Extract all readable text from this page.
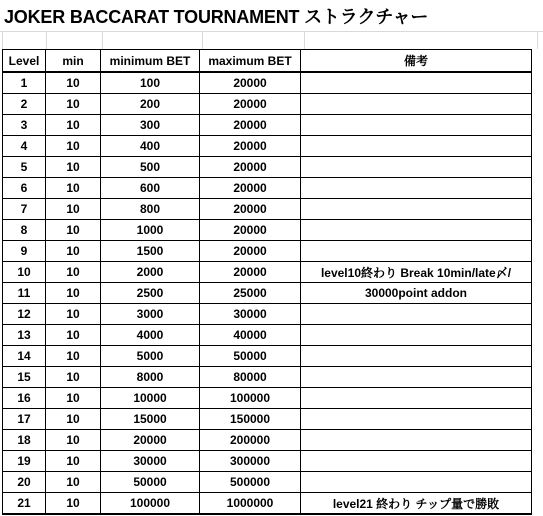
JOKER BACCARAT TOURNAMENT ストラクチャー
Level	min	minimum BET	maximum BET	備考
1	10	100	20000	
2	10	200	20000	
3	10	300	20000	
4	10	400	20000	
5	10	500	20000	
6	10	600	20000	
7	10	800	20000	
8	10	1000	20000	
9	10	1500	20000	
10	10	2000	20000	level10終わり Break 10min/late〆/
11	10	2500	25000	30000point addon
12	10	3000	30000	
13	10	4000	40000	
14	10	5000	50000	
15	10	8000	80000	
16	10	10000	100000	
17	10	15000	150000	
18	10	20000	200000	
19	10	30000	300000	
20	10	50000	500000	
21	10	100000	1000000	level21 終わり チップ量で勝敗
